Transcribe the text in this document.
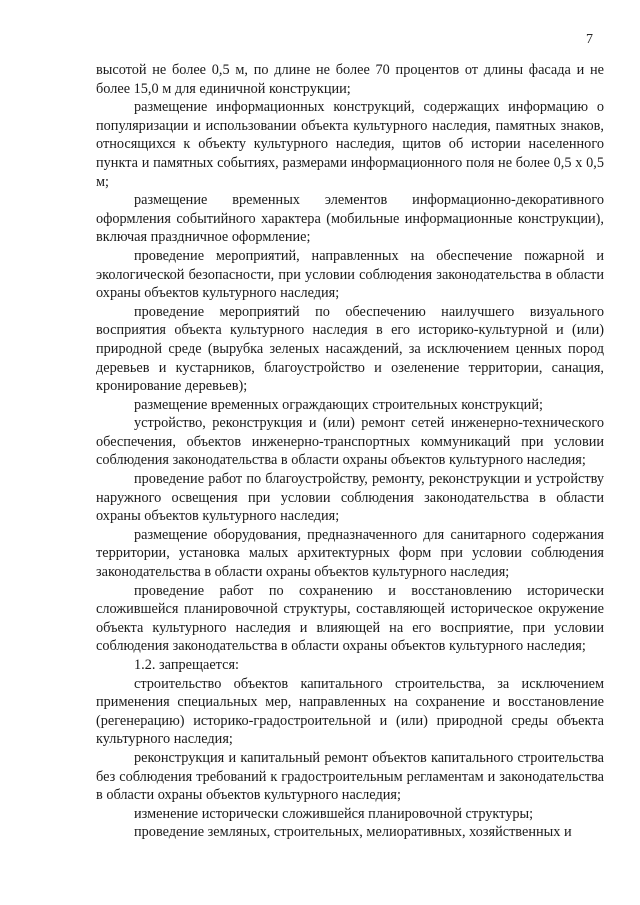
7

высотой не более 0,5 м, по длине не более 70 процентов от длины фасада и не более 15,0 м для единичной конструкции;

размещение информационных конструкций, содержащих информацию о популяризации и использовании объекта культурного наследия, памятных знаков, относящихся к объекту культурного наследия, щитов об истории населенного пункта и памятных событиях, размерами информационного поля не более 0,5 х 0,5 м;

размещение временных элементов информационно-декоративного оформления событийного характера (мобильные информационные конструкции), включая праздничное оформление;

проведение мероприятий, направленных на обеспечение пожарной и экологической безопасности, при условии соблюдения законодательства в области охраны объектов культурного наследия;

проведение мероприятий по обеспечению наилучшего визуального восприятия объекта культурного наследия в его историко-культурной и (или) природной среде (вырубка зеленых насаждений, за исключением ценных пород деревьев и кустарников, благоустройство и озеленение территории, санация, кронирование деревьев);

размещение временных ограждающих строительных конструкций;

устройство, реконструкция и (или) ремонт сетей инженерно-технического обеспечения, объектов инженерно-транспортных коммуникаций при условии соблюдения законодательства в области охраны объектов культурного наследия;

проведение работ по благоустройству, ремонту, реконструкции и устройству наружного освещения при условии соблюдения законодательства в области охраны объектов культурного наследия;

размещение оборудования, предназначенного для санитарного содержания территории, установка малых архитектурных форм при условии соблюдения законодательства в области охраны объектов культурного наследия;

проведение работ по сохранению и восстановлению исторически сложившейся планировочной структуры, составляющей историческое окружение объекта культурного наследия и влияющей на его восприятие, при условии соблюдения законодательства в области охраны объектов культурного наследия;

1.2. запрещается:

строительство объектов капитального строительства, за исключением применения специальных мер, направленных на сохранение и восстановление (регенерацию) историко-градостроительной и (или) природной среды объекта культурного наследия;

реконструкция и капитальный ремонт объектов капитального строительства без соблюдения требований к градостроительным регламентам и законодательства в области охраны объектов культурного наследия;

изменение исторически сложившейся планировочной структуры;

проведение земляных, строительных, мелиоративных, хозяйственных и
